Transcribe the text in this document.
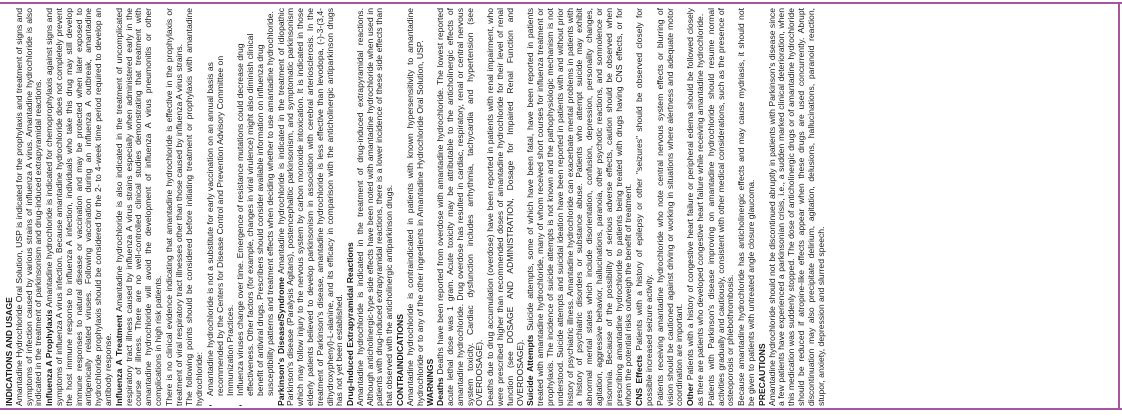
INDICATIONS AND USAGE Amantadine Hydrochloride Oral Solution, USP is indicated for the prophylaxis and treatment of signs and symptoms of infection caused by various strains of influenza A virus. Amantadine hydrochloride is also indicated in the treatment of parkinsonism and drug-induced extrapyramidal reactions. Influenza A Prophylaxis Amantadine hydrochloride is indicated for chemoprophylaxis against signs and symptoms of influenza A virus infection. Because amantadine hydrochloride does not completely prevent the host immune response to influenza A infection, individuals who take this drug may still develop immune responses to natural disease or vaccination and may be protected when later exposed to antigenically related viruses. Following vaccination during an influenza A outbreak, amantadine hydrochloride prophylaxis should be considered for the 2- to 4-week time period required to develop an antibody response. Influenza A Treatment Amantadine hydrochloride is also indicated in the treatment of uncomplicated respiratory tract illness caused by influenza A virus strains especially when administered early in the course of illness. There are no well-controlled clinical studies demonstrating that treatment with amantadine hydrochloride will avoid the development of influenza A virus pneumonitis or other complications in high risk patients. There is no clinical evidence indicating that amantadine hydrochloride is effective in the prophylaxis or treatment of viral respiratory tract illnesses other than those caused by influenza A virus strains. The following points should be considered before initiating treatment or prophylaxis with amantadine hydrochloride: • Amantadine hydrochloride is not a substitute for early vaccination on an annual basis as recommended by the Centers for Disease Control and Prevention Advisory Committee on Immunization Practices. • Influenza viruses change over time. Emergence of resistance mutations could decrease drug effectiveness. Other factors (for example, changes in viral virulence) might also diminish clinical benefit of antiviral drugs. Prescribers should consider available information on influenza drug susceptibility patterns and treatment effects when deciding whether to use amantadine hydrochloride. Parkinson's Disease/Syndrome Amantadine hydrochloride is indicated in the treatment of idiopathic Parkinson's disease (Paralysis Agitans), postencephalitic parkinsonism, and symptomatic parkinsonism which may follow injury to the nervous system by carbon monoxide intoxication. It is indicated in those elderly patients believed to develop parkinsonism in association with cerebral arteriosclerosis. In the treatment of Parkinson's disease, amantadine hydrochloride is less effective than levodopa, (-)-3-(3,4-dihydroxyphenyl)-L-alanine, and its efficacy in comparison with the anticholinergic antiparkinson drugs has not yet been established. Drug-Induced Extrapyramidal Reactions Amantadine hydrochloride is indicated in the treatment of drug-induced extrapyramidal reactions. Although anticholinergic-type side effects have been noted with amantadine hydrochloride when used in patients with drug-induced extrapyramidal reactions, there is a lower incidence of these side effects than that observed with the anticholinergic antiparkinson drugs. CONTRAINDICATIONS Amantadine hydrochloride is contraindicated in patients with known hypersensitivity to amantadine hydrochloride or to any of the other ingredients in Amantadine Hydrochloride Oral Solution, USP. WARNINGS Deaths Deaths have been reported from overdose with amantadine hydrochloride. The lowest reported acute lethal dose was 1 gram. Acute toxicity may be attributable to the anticholinergic effects of amantadine hydrochloride. Drug overdose has resulted in cardiac, respiratory, renal or central nervous system toxicity. Cardiac dysfunction includes arrhythmia, tachycardia and hypertension (see OVERDOSAGE). Deaths due to drug accumulation (overdose) have been reported in patients with renal impairment, who were prescribed higher than recommended doses of amantadine hydrochloride for their level of renal function (see DOSAGE AND ADMINISTRATION, Dosage for Impaired Renal Function and OVERDOSAGE). Suicide Attempts Suicide attempts, some of which have been fatal, have been reported in patients treated with amantadine hydrochloride, many of whom received short courses for influenza treatment or prophylaxis. The incidence of suicide attempts is not known and the pathophysiologic mechanism is not understood. Suicide attempts and suicidal ideation have been reported in patients with and without prior history of psychiatric illness. Amantadine hydrochloride can exacerbate mental problems in patients with a history of psychiatric disorders or substance abuse. Patients who attempt suicide may exhibit abnormal mental states which include disorientation, confusion, depression, personality changes, agitation, aggressive behavior, hallucinations, paranoia, other psychotic reactions, and somnolence or insomnia. Because of the possibility of serious adverse effects, caution should be observed when prescribing amantadine hydrochloride to patients being treated with drugs having CNS effects, or for whom the potential risks outweigh the benefit of treatment. CNS Effects Patients with a history of epilepsy or other "seizures" should be observed closely for possible increased seizure activity. Patients receiving amantadine hydrochloride who note central nervous system effects or blurring of vision should be cautioned against driving or working in situations where alertness and adequate motor coordination are important. Other Patients with a history of congestive heart failure or peripheral edema should be followed closely as there are patients who developed congestive heart failure while receiving amantadine hydrochloride. Patients with Parkinson's disease improving on amantadine hydrochloride should resume normal activities gradually and cautiously, consistent with other medical considerations, such as the presence of osteoporosis or phlebothrombosis. Because amantadine hydrochloride has anticholinergic effects and may cause mydriasis, it should not be given to patients with untreated angle closure glaucoma. PRECAUTIONS Amantadine hydrochloride should not be discontinued abruptly in patients with Parkinson's disease since a few patients have experienced a parkinsonian crisis, i.e., a sudden marked clinical deterioration, when this medication was suddenly stopped. The dose of anticholinergic drugs or of amantadine hydrochloride should be reduced if atropine-like effects appear when these drugs are used concurrently. Abrupt discontinuation may also precipitate delirium, agitation, delusions, hallucinations, paranoid reaction, stupor, anxiety, depression and slurred speech.
